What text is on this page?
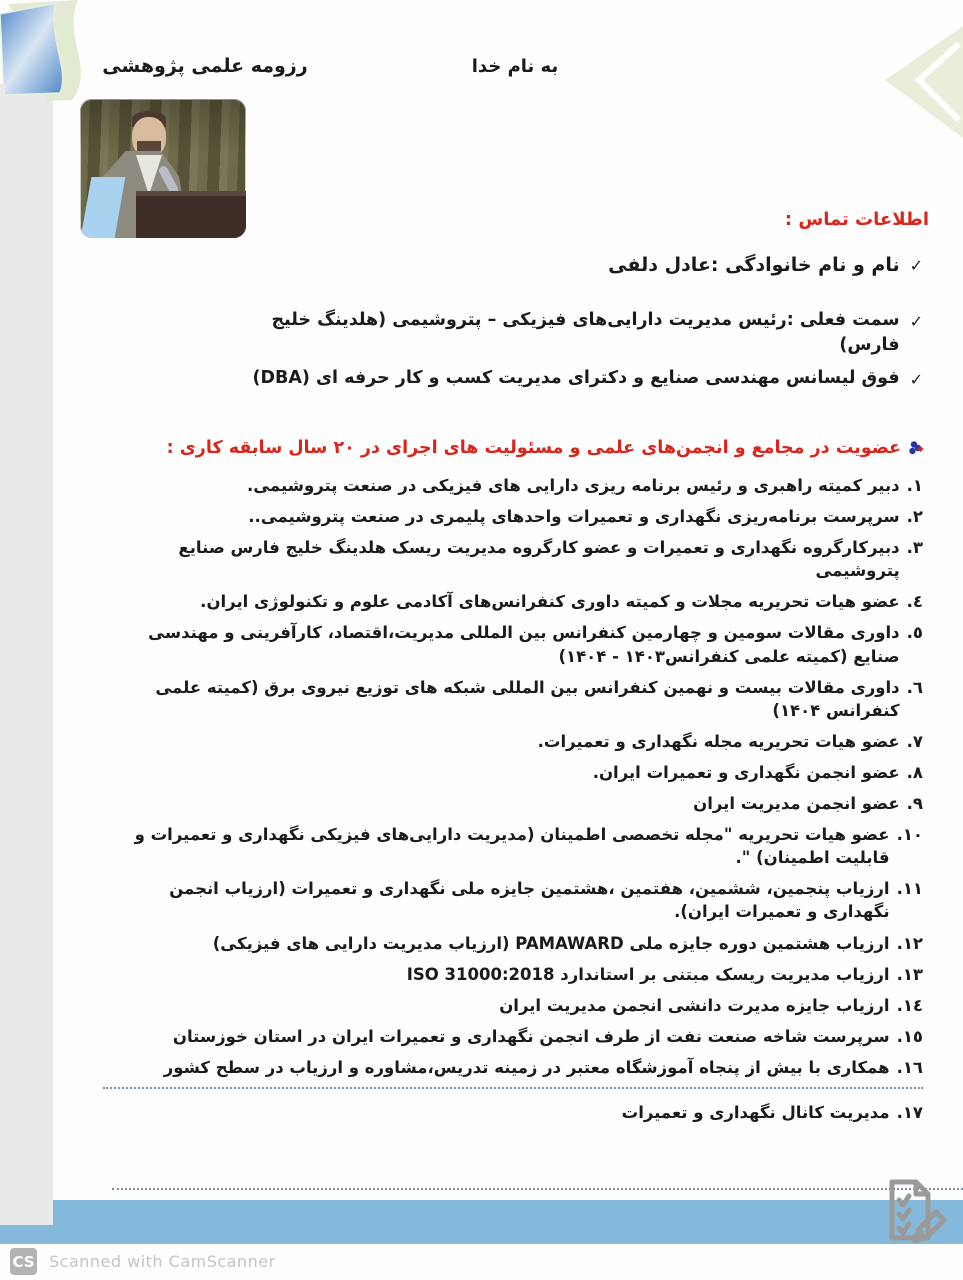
به نام خدا
رزومه علمی پژوهشی
اطلاعات تماس :
✓
نام و نام خانوادگی :عادل دلفی
✓
سمت فعلی :رئیس مدیریت دارایی‌های فیزیکی – پتروشیمی (هلدینگ خلیج فارس)
✓
فوق لیسانس مهندسی صنایع و دکترای مدیریت کسب و کار حرفه ای (DBA)
عضویت در مجامع و انجمن‌های علمی و مسئولیت های اجرای در ۲۰ سال سابقه کاری :
۱.
دبیر کمیته راهبری و رئیس برنامه ریزی دارایی های فیزیکی در صنعت پتروشیمی.
۲.
سرپرست برنامه‌ریزی نگهداری و تعمیرات واحدهای پلیمری در صنعت پتروشیمی..
۳.
دبیرکارگروه نگهداری و تعمیرات و عضو کارگروه مدیریت ریسک هلدینگ خلیج فارس صنایع پتروشیمی
٤.
عضو هیات تحریریه مجلات و کمیته داوری کنفرانس‌های آکادمی علوم و تکنولوژی ایران.
٥.
داوری مقالات سومین و چهارمین کنفرانس بین المللی مدیریت،اقتصاد، کارآفرینی و مهندسی صنایع (کمیته علمی کنفرانس۱۴۰۳ - ۱۴۰۴)
٦.
داوری مقالات بیست و نهمین کنفرانس بین المللی شبکه های توزیع نیروی برق (کمیته علمی کنفرانس ۱۴۰۴)
۷.
عضو هیات تحریریه مجله نگهداری و تعمیرات.
۸.
عضو انجمن نگهداری و تعمیرات ایران.
۹.
عضو انجمن مدیریت ایران
۱۰.
عضو هیات تحریریه "مجله تخصصی اطمینان (مدیریت دارایی‌های فیزیکی نگهداری و تعمیرات و قابلیت اطمینان) ".
۱۱.
ارزیاب پنجمین، ششمین، هفتمین ،هشتمین جایزه ملی نگهداری و تعمیرات (ارزیاب انجمن نگهداری و تعمیرات ایران).
۱۲.
ارزیاب هشتمین دوره جایزه ملی PAMAWARD (ارزیاب مدیریت دارایی های فیزیکی)
۱۳.
ارزیاب مدیریت ریسک مبتنی بر استاندارد ISO 31000:2018
١٤.
ارزیاب جایزه مدیرت دانشی انجمن مدیریت ایران
١٥.
سرپرست شاخه صنعت نفت از طرف انجمن نگهداری و تعمیرات ایران در استان خوزستان
١٦.
همکاری با بیش از پنجاه آموزشگاه معتبر در زمینه تدریس،مشاوره و ارزیاب در سطح کشور
۱۷.
مدیریت کانال نگهداری و تعمیرات
CS Scanned with CamScanner
